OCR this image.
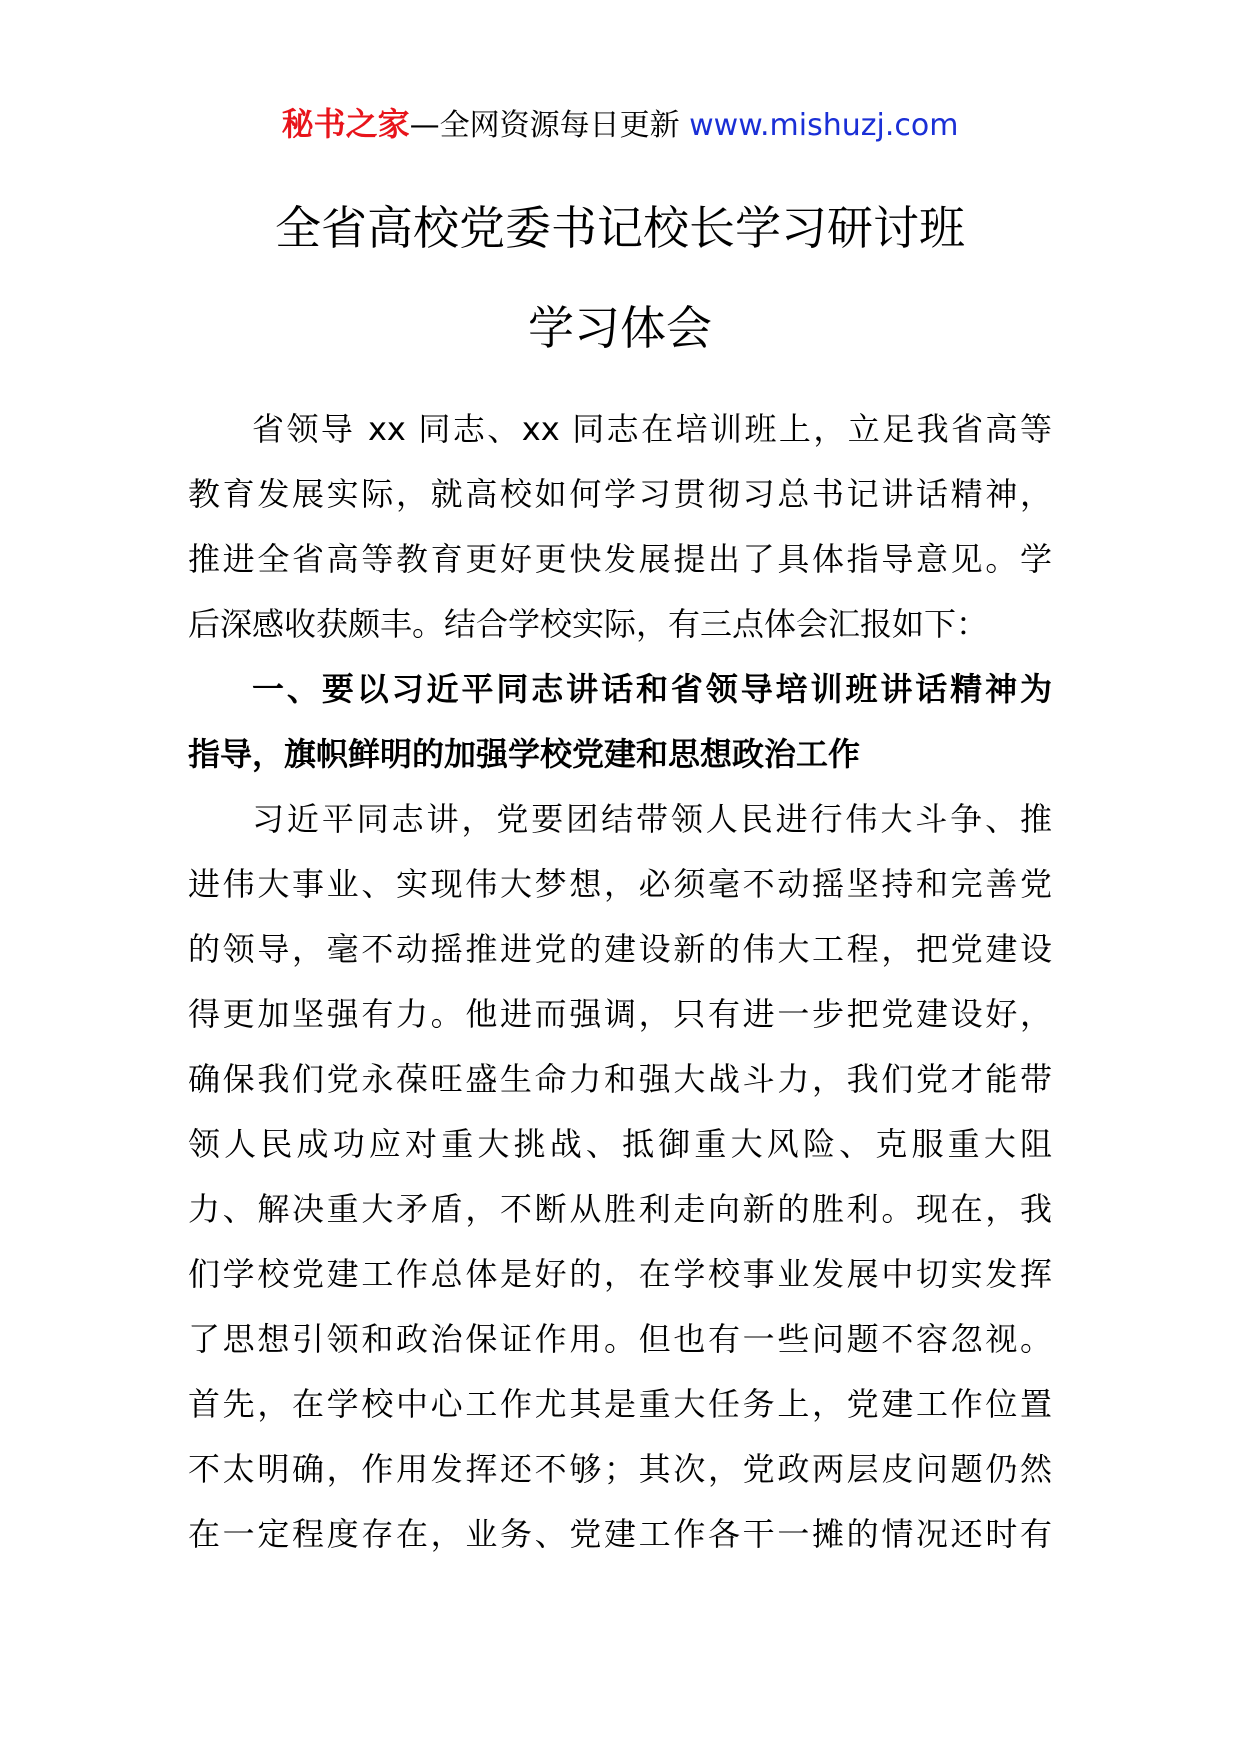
秘书之家—全网资源每日更新 www.mishuzj.com
全省高校党委书记校长学习研讨班
学习体会
省领导 xx 同志、xx 同志在培训班上，立足我省高等
教育发展实际，就高校如何学习贯彻习总书记讲话精神，
推进全省高等教育更好更快发展提出了具体指导意见。学
后深感收获颇丰。结合学校实际，有三点体会汇报如下：
一、要以习近平同志讲话和省领导培训班讲话精神为
指导，旗帜鲜明的加强学校党建和思想政治工作
习近平同志讲，党要团结带领人民进行伟大斗争、推
进伟大事业、实现伟大梦想，必须毫不动摇坚持和完善党
的领导，毫不动摇推进党的建设新的伟大工程，把党建设
得更加坚强有力。他进而强调，只有进一步把党建设好，
确保我们党永葆旺盛生命力和强大战斗力，我们党才能带
领人民成功应对重大挑战、抵御重大风险、克服重大阻
力、解决重大矛盾，不断从胜利走向新的胜利。现在，我
们学校党建工作总体是好的，在学校事业发展中切实发挥
了思想引领和政治保证作用。但也有一些问题不容忽视。
首先，在学校中心工作尤其是重大任务上，党建工作位置
不太明确，作用发挥还不够；其次，党政两层皮问题仍然
在一定程度存在，业务、党建工作各干一摊的情况还时有
